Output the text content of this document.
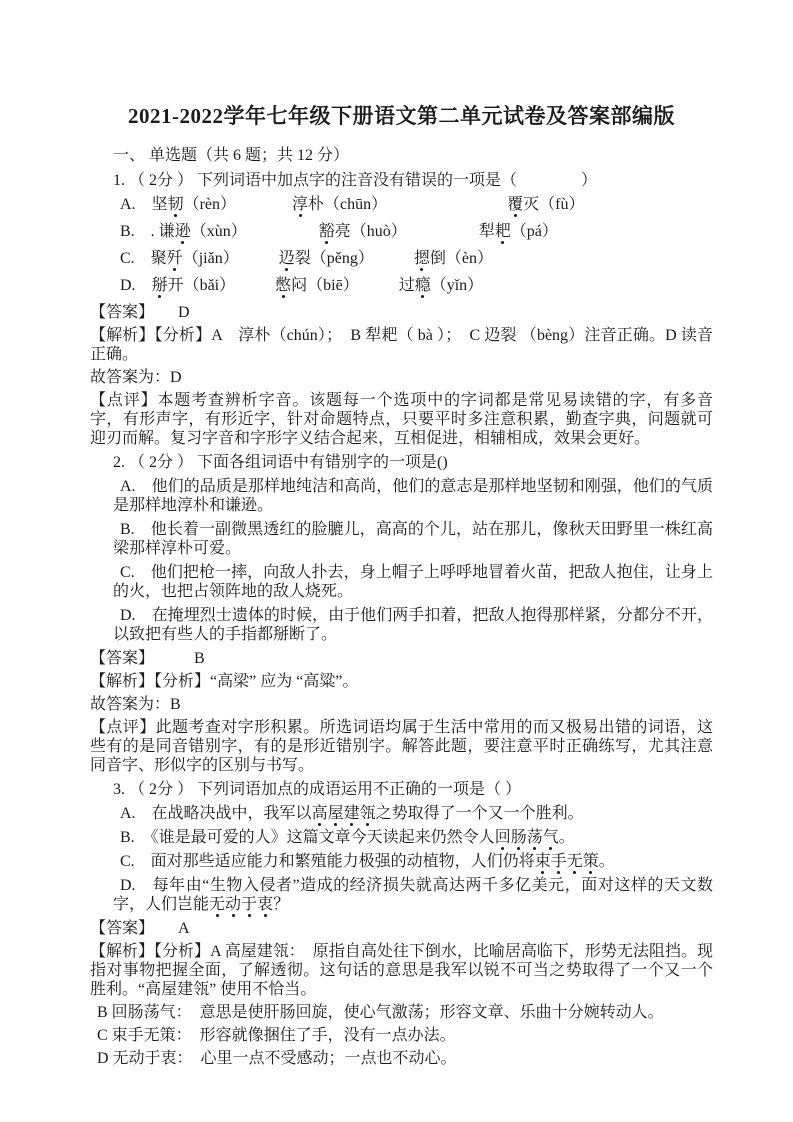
2021-2022学年七年级下册语文第二单元试卷及答案部编版
一、 单选题（共 6 题；共 12 分）
1. （ 2分 ） 下列词语中加点字的注音没有错误的一项是（　　　　）
A.　坚韧（rèn）　　　　淳朴（chūn）　　　　　　　　覆灭（fù）
B.　. 谦逊（xùn）　　　　　豁亮（huò）　　　　　犁耙（pá）
C.　聚歼（jiǎn）　　　辸裂（pěng）　　　摁倒（èn）
D.　掰开（bǎi）　　　憋闷（biē）　　　过瘾（yǐn）
【答案】　　D
【解析】【分析】A　淳朴（chún）；　B 犁耙（ bà ）；　C 辸裂 （bèng）注音正确。D 读音正确。
故答案为：D
【点评】本题考查辨析字音。该题每一个选项中的字词都是常见易读错的字，有多音字，有形声字，有形近字，针对命题特点，只要平时多注意积累，勤查字典，问题就可迎刃而解。复习字音和字形字义结合起来，互相促进，相辅相成，效果会更好。
2. （ 2分 ） 下面各组词语中有错别字的一项是()
A.　他们的品质是那样地纯洁和高尚，他们的意志是那样地坚韧和刚强，他们的气质是那样地淳朴和谦逊。
B.　他长着一副微黑透红的脸膔儿，高高的个儿，站在那儿，像秋天田野里一株红高梁那样淳朴可爱。
C.　他们把枪一摔，向敌人扑去，身上帽子上呼呼地冒着火苗，把敌人抱住，让身上的火，也把占领阵地的敌人烧死。
D.　在掩埋烈士遗体的时候，由于他们两手扣着，把敌人抱得那样紧，分都分不开，以致把有些人的手指都掰断了。
【答案】　　　B
【解析】【分析】“高梁” 应为 “高粱”。
故答案为：B
【点评】此题考查对字形积累。所选词语均属于生活中常用的而又极易出错的词语，这些有的是同音错别字，有的是形近错别字。解答此题，要注意平时正确练写，尤其注意同音字、形似字的区别与书写。
3. （ 2分 ） 下列词语加点的成语运用不正确的一项是（ ）
A.　在战略决战中，我军以高屋建瓴之势取得了一个又一个胜利。
B.　《谁是最可爱的人》这篇文章今天读起来仍然令人回肠荡气。
C.　面对那些适应能力和繁殖能力极强的动植物，人们仍将束手无策。
D.　每年由“生物入侵者”造成的经济损失就高达两千多亿美元，面对这样的天文数字，人们岂能无动于衷？
【答案】　　A
【解析】【分析】A 高屋建瓴：　原指自高处往下倒水，比喻居高临下，形势无法阻挡。现指对事物把握全面，了解透彻。这句话的意思是我军以锐不可当之势取得了一个又一个胜利。“高屋建瓴” 使用不恰当。
B 回肠荡气：　意思是使肝肠回旋，使心气激荡；形容文章、乐曲十分婉转动人。
C 束手无策：　形容就像捆住了手，没有一点办法。
D 无动于衷：　心里一点不受感动；一点也不动心。
